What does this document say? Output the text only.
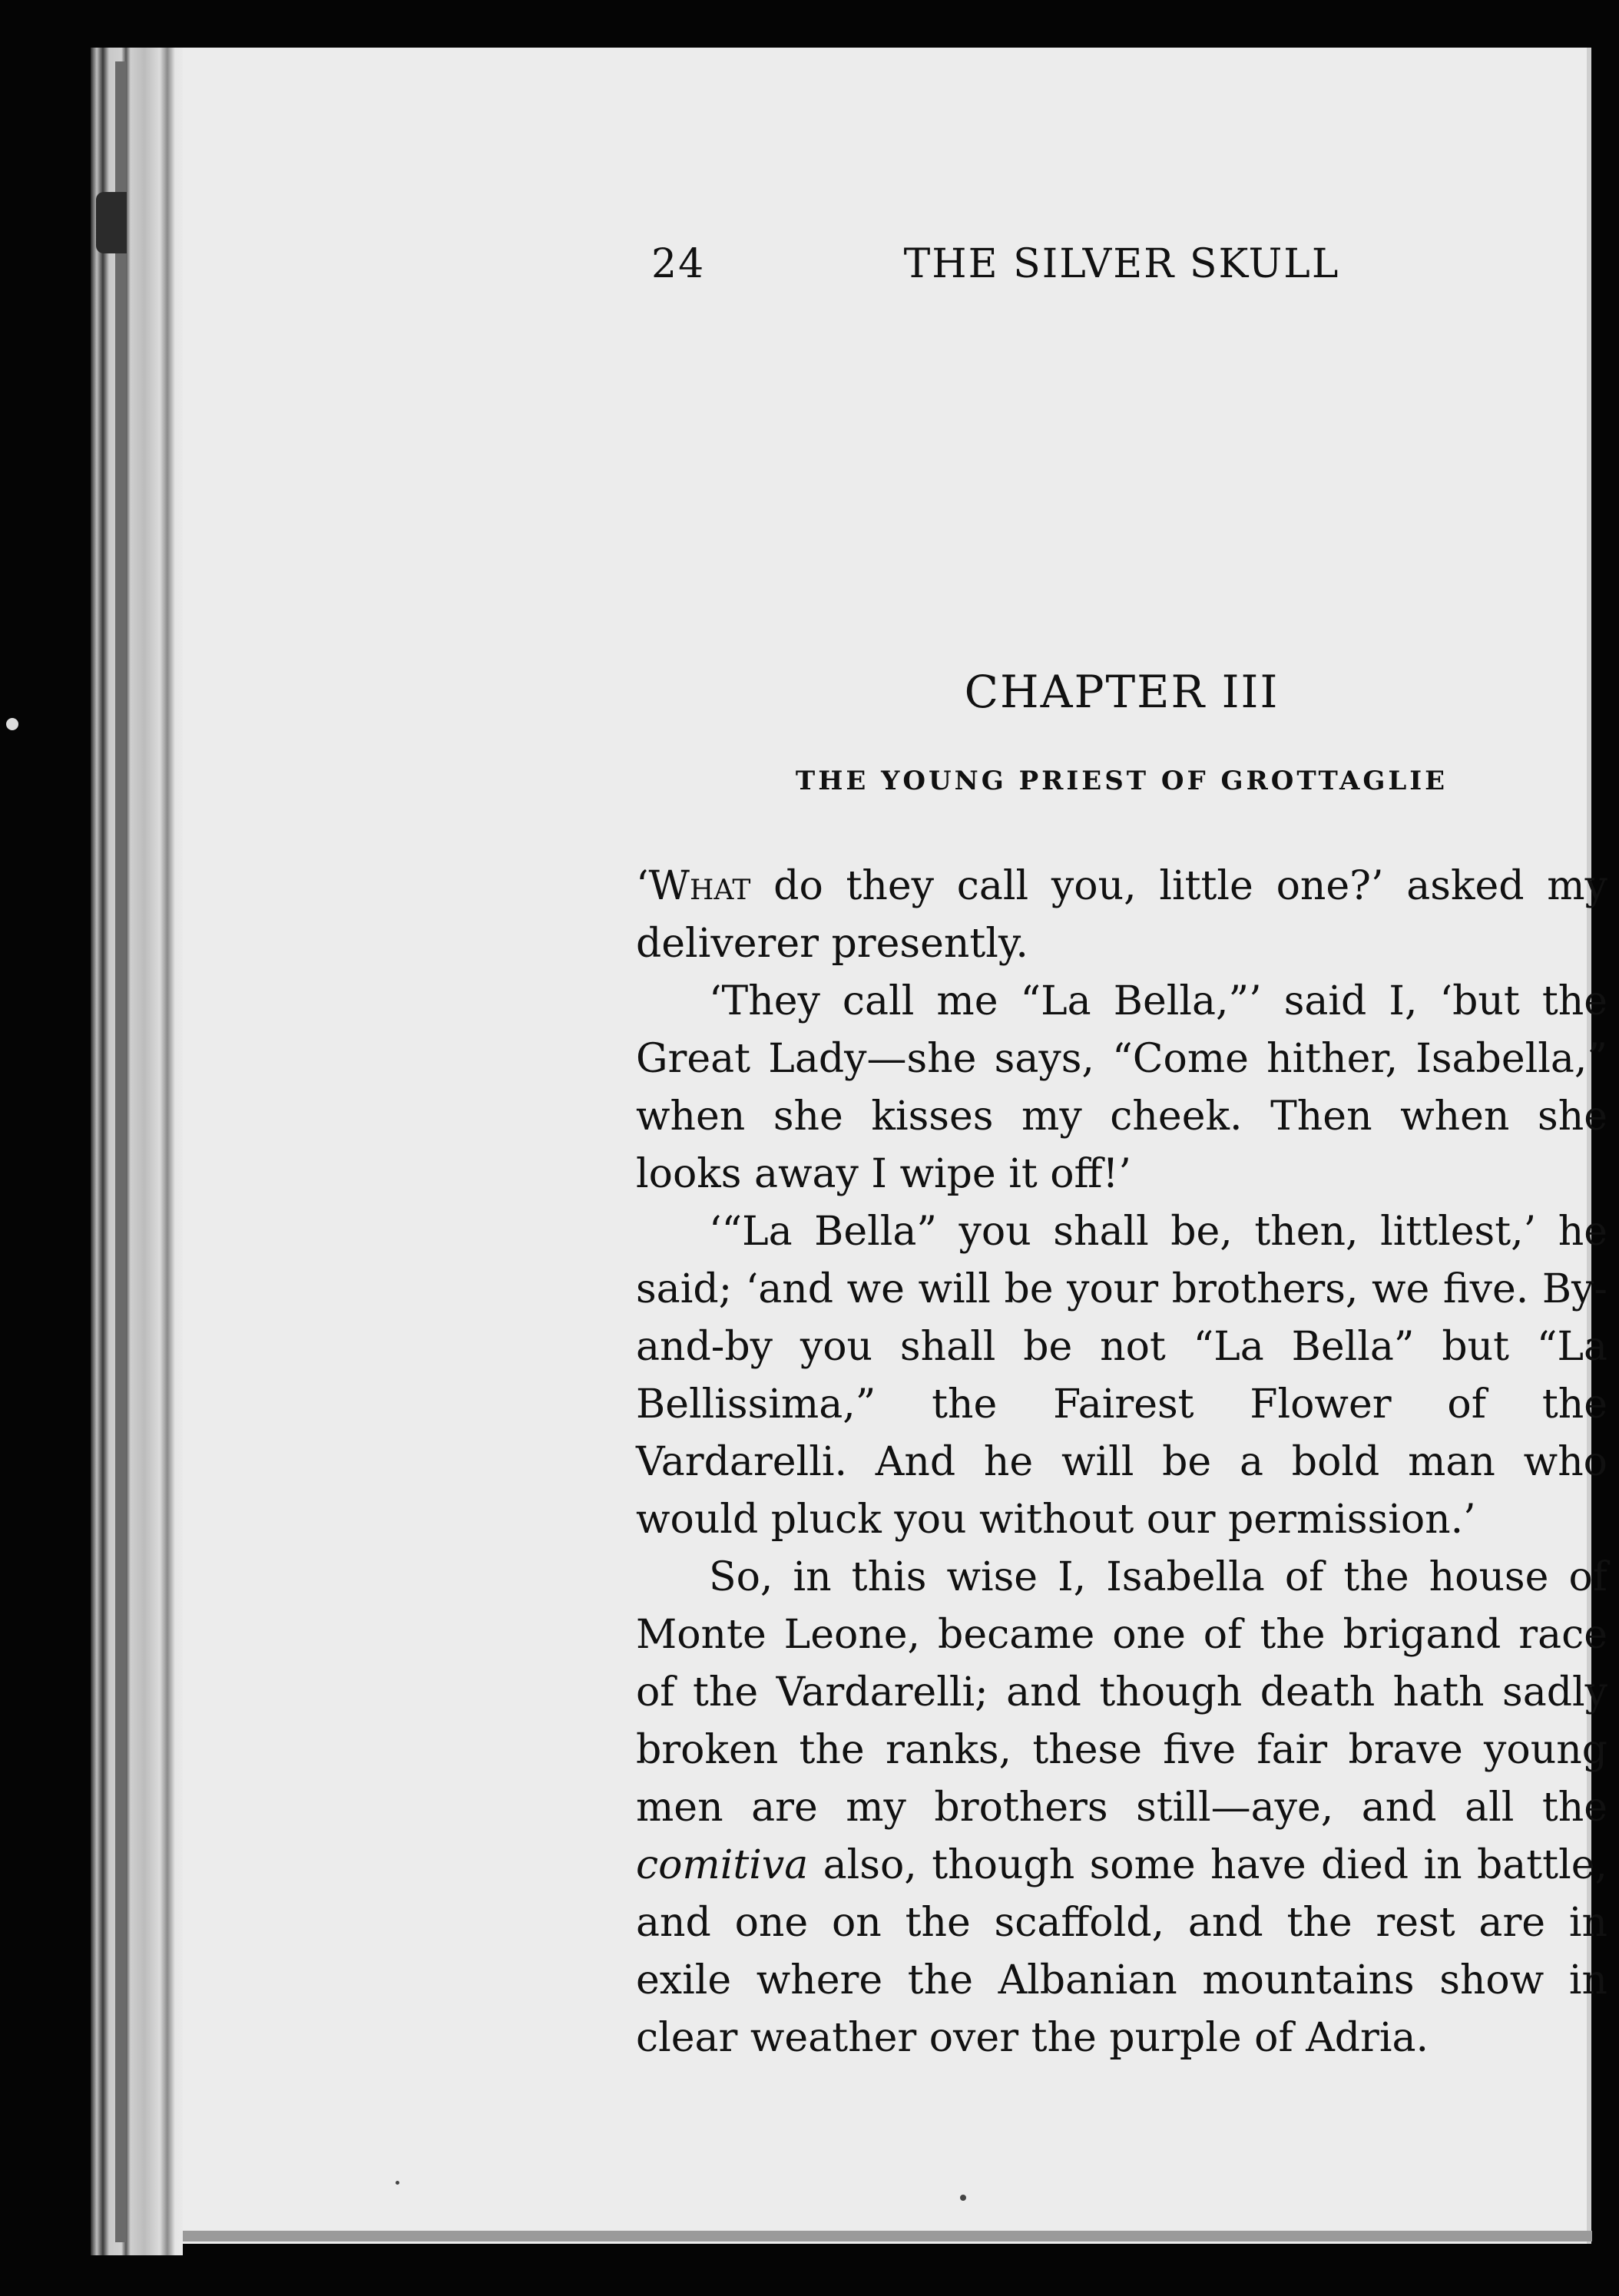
24	THE SILVER SKULL
CHAPTER III
THE YOUNG PRIEST OF GROTTAGLIE

‘What do they call you, little one?’ asked my deliverer presently.

‘They call me “La Bella,”’ said I, ‘but the Great Lady—she says, “Come hither, Isabella,” when she kisses my cheek. Then when she looks away I wipe it off!’

‘“La Bella” you shall be, then, littlest,’ he said; ‘and we will be your brothers, we five. By-and-by you shall be not “La Bella” but “La Bellissima,” the Fairest Flower of the Vardarelli. And he will be a bold man who would pluck you without our permission.’

So, in this wise I, Isabella of the house of Monte Leone, became one of the brigand race of the Vardarelli; and though death hath sadly broken the ranks, these five fair brave young men are my brothers still—aye, and all the comitiva also, though some have died in battle, and one on the scaffold, and the rest are in exile where the Albanian mountains show in clear weather over the purple of Adria.
